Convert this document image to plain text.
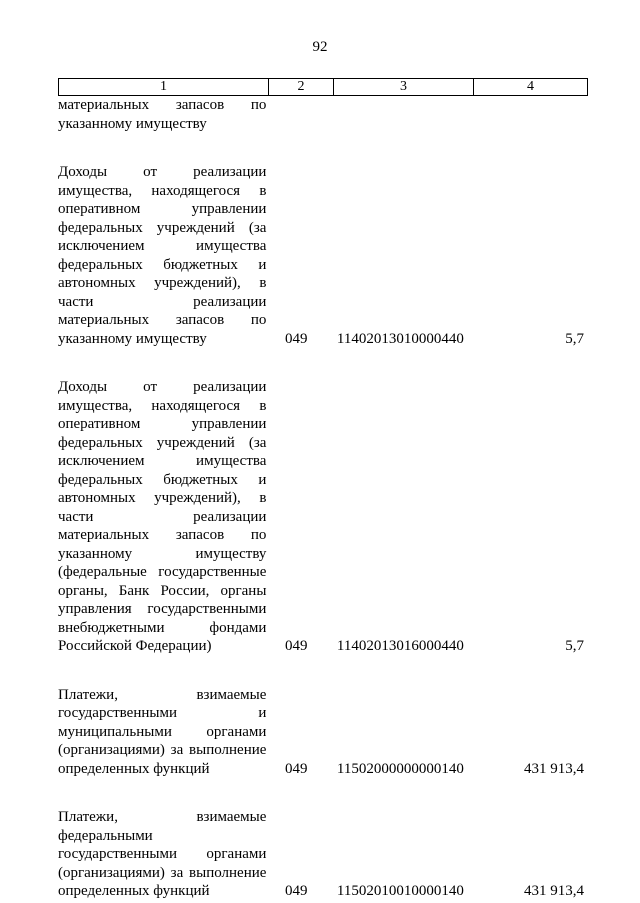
92
1	2	3	4
материальных запасов по
указанному имуществу
Доходы от реализации
имущества, находящегося в
оперативном управлении
федеральных учреждений (за
исключением имущества
федеральных бюджетных и
автономных учреждений), в
части реализации
материальных запасов по
указанному имуществу	049	11402013010000440	5,7
Доходы от реализации
имущества, находящегося в
оперативном управлении
федеральных учреждений (за
исключением имущества
федеральных бюджетных и
автономных учреждений), в
части реализации
материальных запасов по
указанному имуществу
(федеральные государственные
органы, Банк России, органы
управления государственными
внебюджетными фондами
Российской Федерации)	049	11402013016000440	5,7
Платежи, взимаемые
государственными и
муниципальными органами
(организациями) за выполнение
определенных функций	049	11502000000000140	431 913,4
Платежи, взимаемые
федеральными
государственными органами
(организациями) за выполнение
определенных функций	049	11502010010000140	431 913,4
